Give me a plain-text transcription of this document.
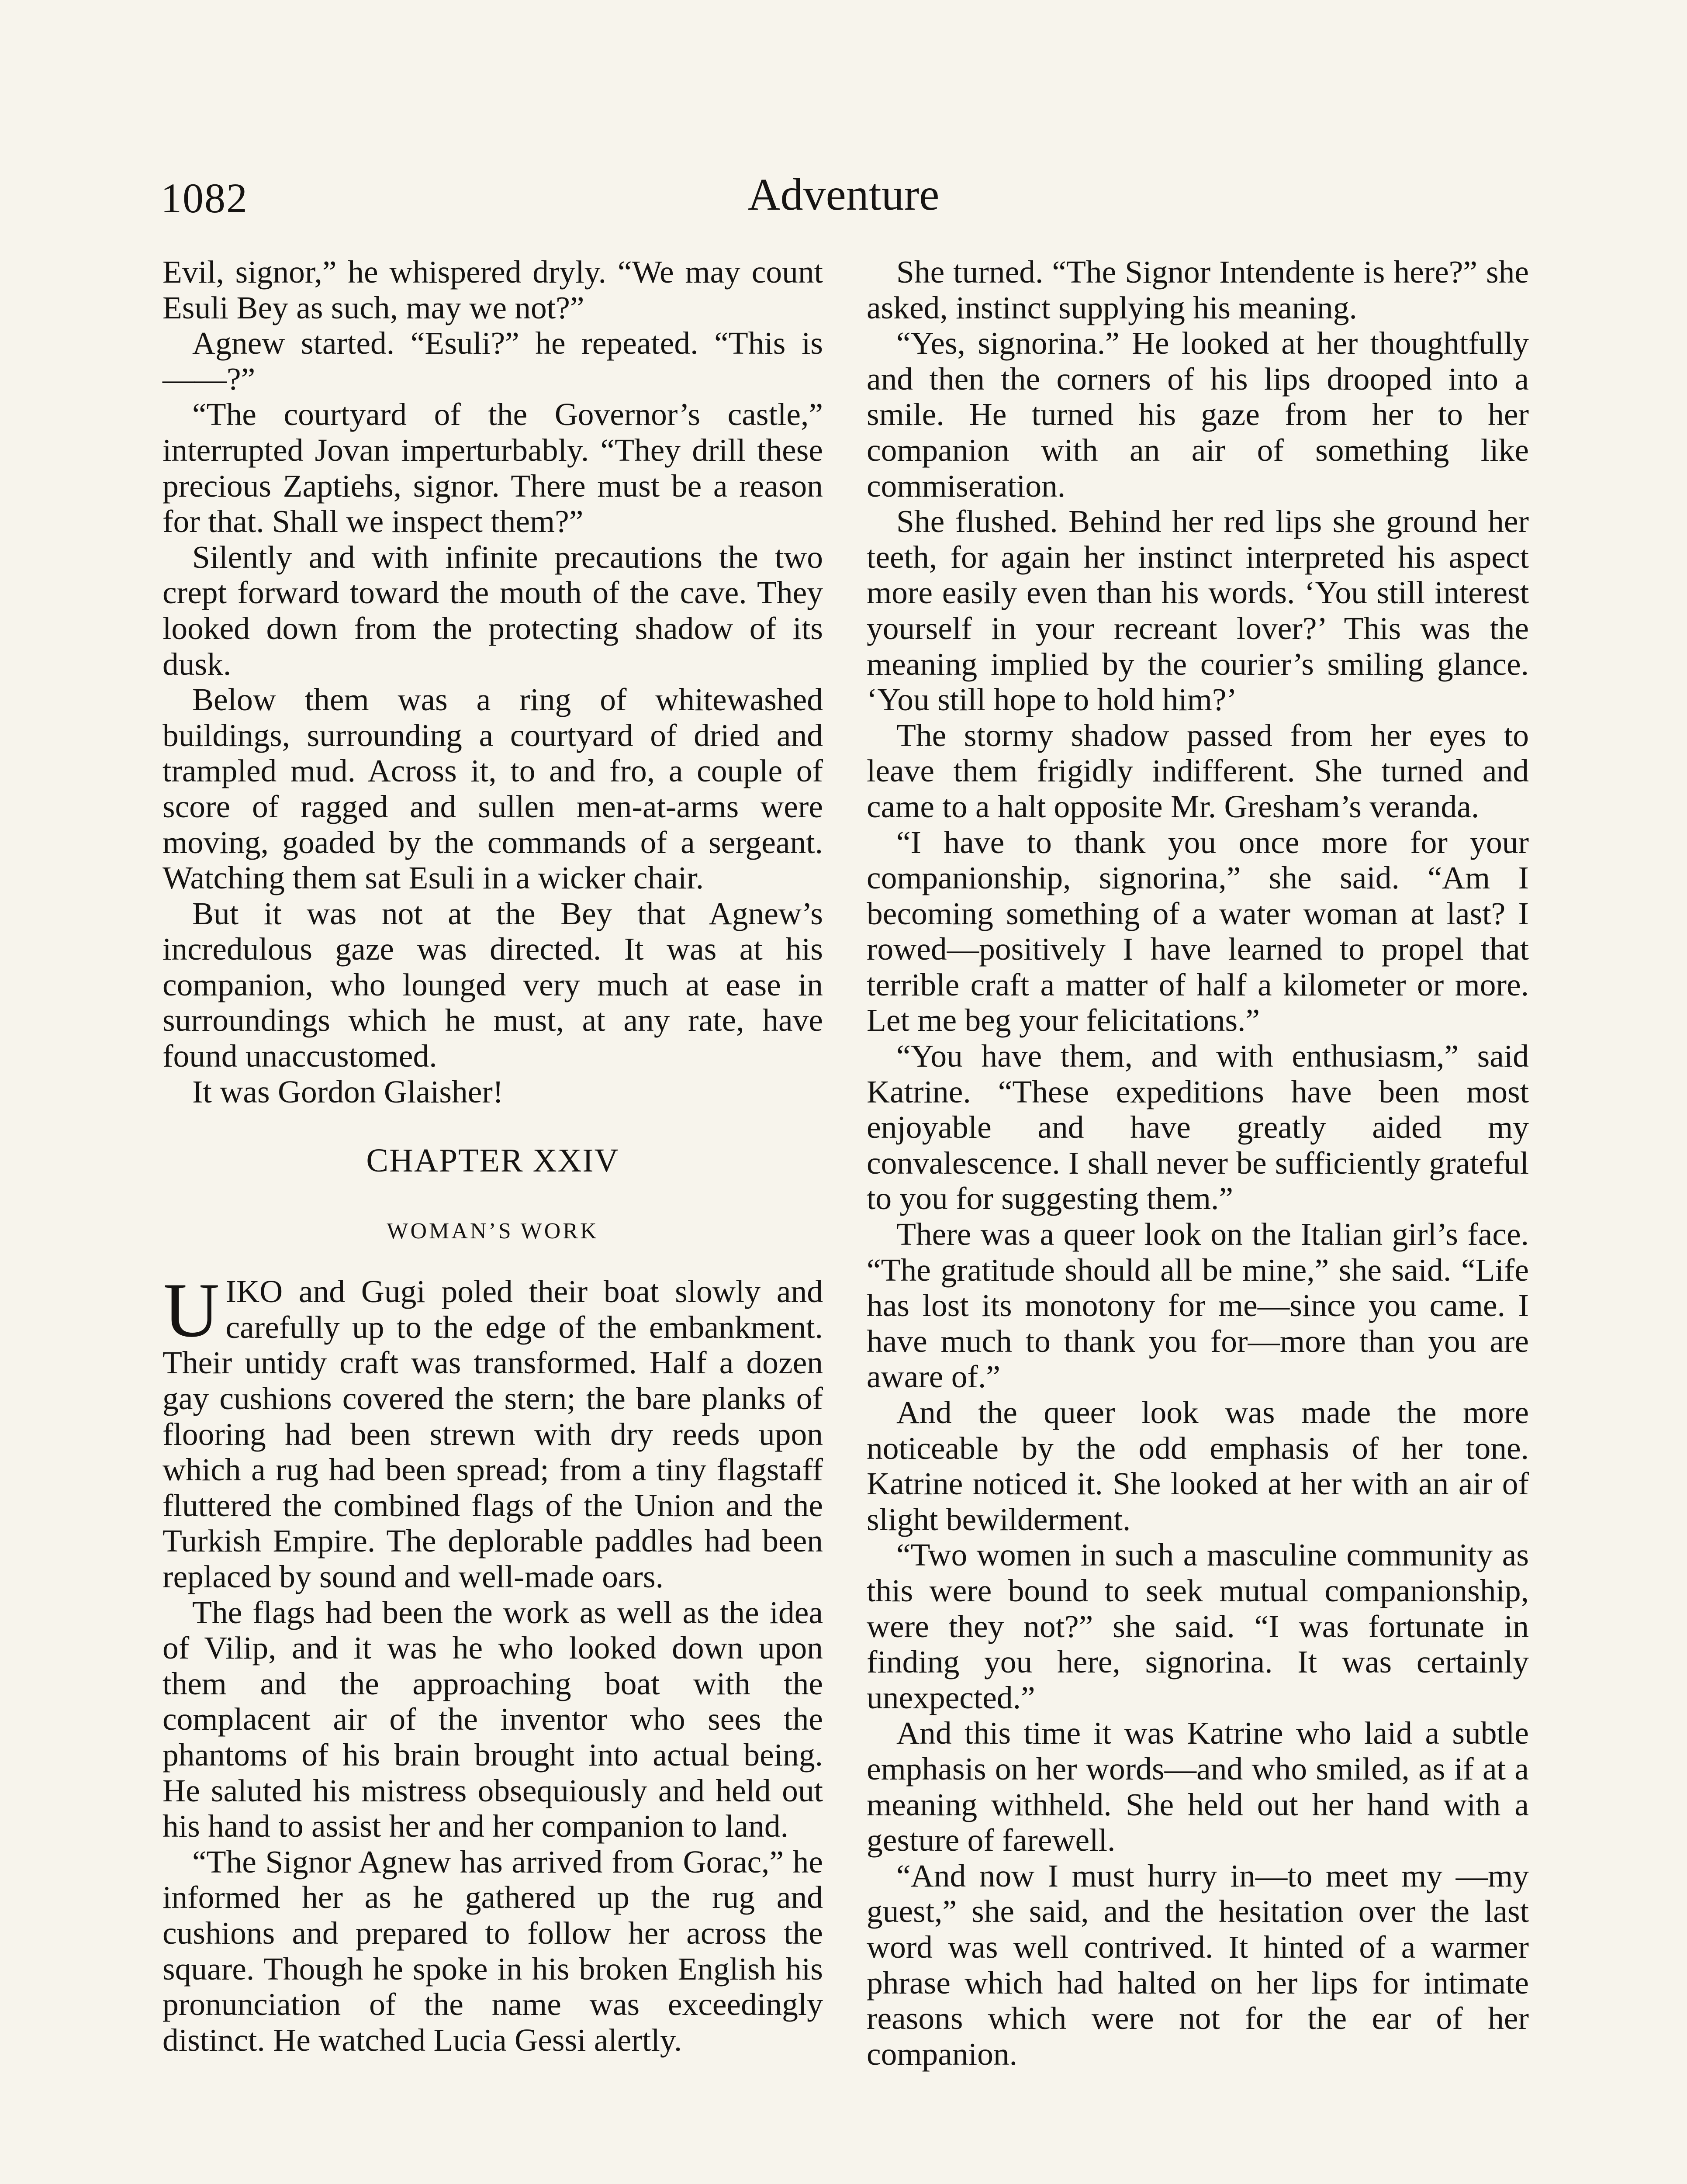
1082	Adventure

Evil, signor,” he whispered dryly. “We may count Esuli Bey as such, may we not?”

Agnew started. “Esuli?” he repeated. “This is——?”

“The courtyard of the Governor’s castle,” interrupted Jovan imperturbably. “They drill these precious Zaptiehs, signor. There must be a reason for that. Shall we inspect them?”

Silently and with infinite precautions the two crept forward toward the mouth of the cave. They looked down from the protecting shadow of its dusk.

Below them was a ring of whitewashed buildings, surrounding a courtyard of dried and trampled mud. Across it, to and fro, a couple of score of ragged and sullen men-at-arms were moving, goaded by the commands of a sergeant. Watching them sat Esuli in a wicker chair.

But it was not at the Bey that Agnew’s incredulous gaze was directed. It was at his companion, who lounged very much at ease in surroundings which he must, at any rate, have found unaccustomed.

It was Gordon Glaisher!

CHAPTER XXIV
WOMAN’S WORK

UIKO and Gugi poled their boat slowly and carefully up to the edge of the embankment. Their untidy craft was transformed. Half a dozen gay cushions covered the stern; the bare planks of flooring had been strewn with dry reeds upon which a rug had been spread; from a tiny flagstaff fluttered the combined flags of the Union and the Turkish Empire. The deplorable paddles had been replaced by sound and well-made oars.

The flags had been the work as well as the idea of Vilip, and it was he who looked down upon them and the approaching boat with the complacent air of the inventor who sees the phantoms of his brain brought into actual being. He saluted his mistress obsequiously and held out his hand to assist her and her companion to land.

“The Signor Agnew has arrived from Gorac,” he informed her as he gathered up the rug and cushions and prepared to follow her across the square. Though he spoke in his broken English his pronunciation of the name was exceedingly distinct. He watched Lucia Gessi alertly.

She turned. “The Signor Intendente is here?” she asked, instinct supplying his meaning.

“Yes, signorina.” He looked at her thoughtfully and then the corners of his lips drooped into a smile. He turned his gaze from her to her companion with an air of something like commiseration.

She flushed. Behind her red lips she ground her teeth, for again her instinct interpreted his aspect more easily even than his words. ‘You still interest yourself in your recreant lover?’ This was the meaning implied by the courier’s smiling glance. ‘You still hope to hold him?’

The stormy shadow passed from her eyes to leave them frigidly indifferent. She turned and came to a halt opposite Mr. Gresham’s veranda.

“I have to thank you once more for your companionship, signorina,” she said. “Am I becoming something of a water woman at last? I rowed—positively I have learned to propel that terrible craft a matter of half a kilometer or more. Let me beg your felicitations.”

“You have them, and with enthusiasm,” said Katrine. “These expeditions have been most enjoyable and have greatly aided my convalescence. I shall never be sufficiently grateful to you for suggesting them.”

There was a queer look on the Italian girl’s face. “The gratitude should all be mine,” she said. “Life has lost its monotony for me—since you came. I have much to thank you for—more than you are aware of.”

And the queer look was made the more noticeable by the odd emphasis of her tone. Katrine noticed it. She looked at her with an air of slight bewilderment.

“Two women in such a masculine community as this were bound to seek mutual companionship, were they not?” she said. “I was fortunate in finding you here, signorina. It was certainly unexpected.”

And this time it was Katrine who laid a subtle emphasis on her words—and who smiled, as if at a meaning withheld. She held out her hand with a gesture of farewell.

“And now I must hurry in—to meet my —my guest,” she said, and the hesitation over the last word was well contrived. It hinted of a warmer phrase which had halted on her lips for intimate reasons which were not for the ear of her companion.
